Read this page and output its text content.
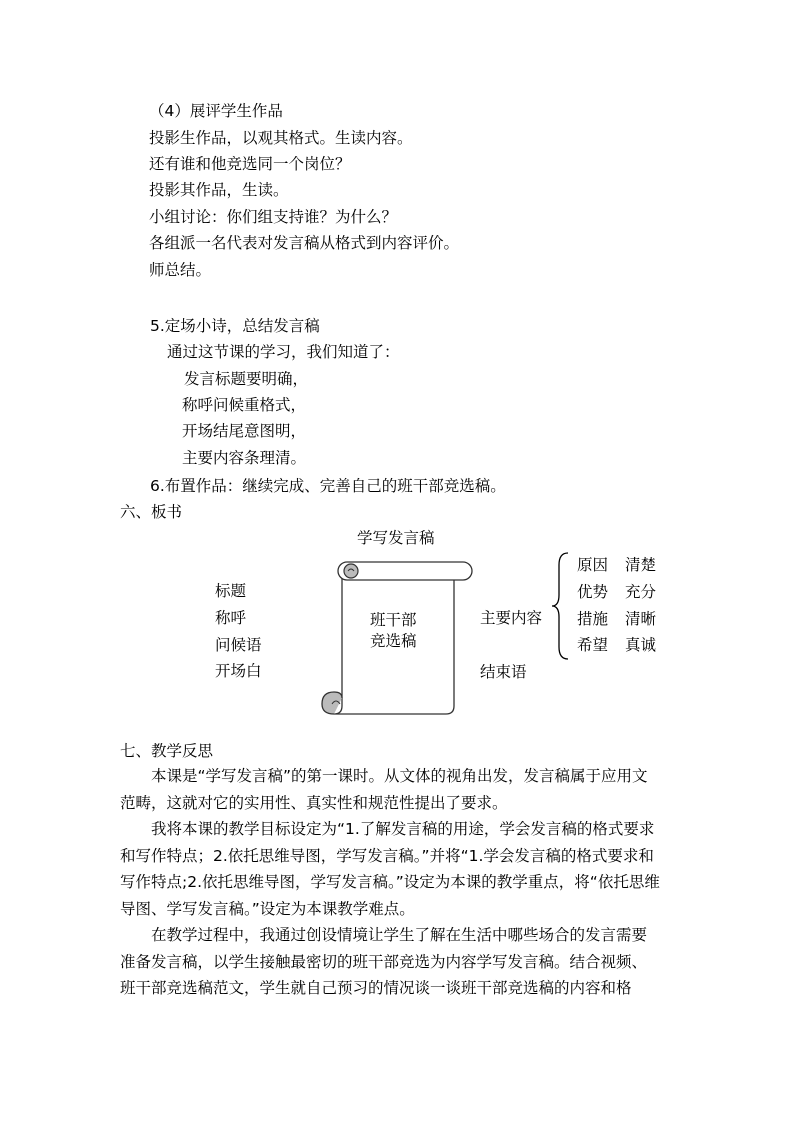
（4）展评学生作品
投影生作品，以观其格式。生读内容。
还有谁和他竞选同一个岗位？
投影其作品，生读。
小组讨论：你们组支持谁？为什么？
各组派一名代表对发言稿从格式到内容评价。
师总结。
5.定场小诗，总结发言稿
通过这节课的学习，我们知道了：
发言标题要明确，
称呼问候重格式，
开场结尾意图明，
主要内容条理清。
6.布置作品：继续完成、完善自己的班干部竞选稿。
六、板书
学写发言稿
标题
称呼
问候语
开场白
班干部
竞选稿
主要内容
结束语
原因 清楚
优势 充分
措施 清晰
希望 真诚
七、教学反思
本课是“学写发言稿”的第一课时。从文体的视角出发，发言稿属于应用文范畴，这就对它的实用性、真实性和规范性提出了要求。
我将本课的教学目标设定为“1.了解发言稿的用途，学会发言稿的格式要求和写作特点；2.依托思维导图，学写发言稿。”并将“1.学会发言稿的格式要求和写作特点;2.依托思维导图，学写发言稿。”设定为本课的教学重点，将“依托思维导图、学写发言稿。”设定为本课教学难点。
在教学过程中，我通过创设情境让学生了解在生活中哪些场合的发言需要准备发言稿，以学生接触最密切的班干部竞选为内容学写发言稿。结合视频、班干部竞选稿范文，学生就自己预习的情况谈一谈班干部竞选稿的内容和格
